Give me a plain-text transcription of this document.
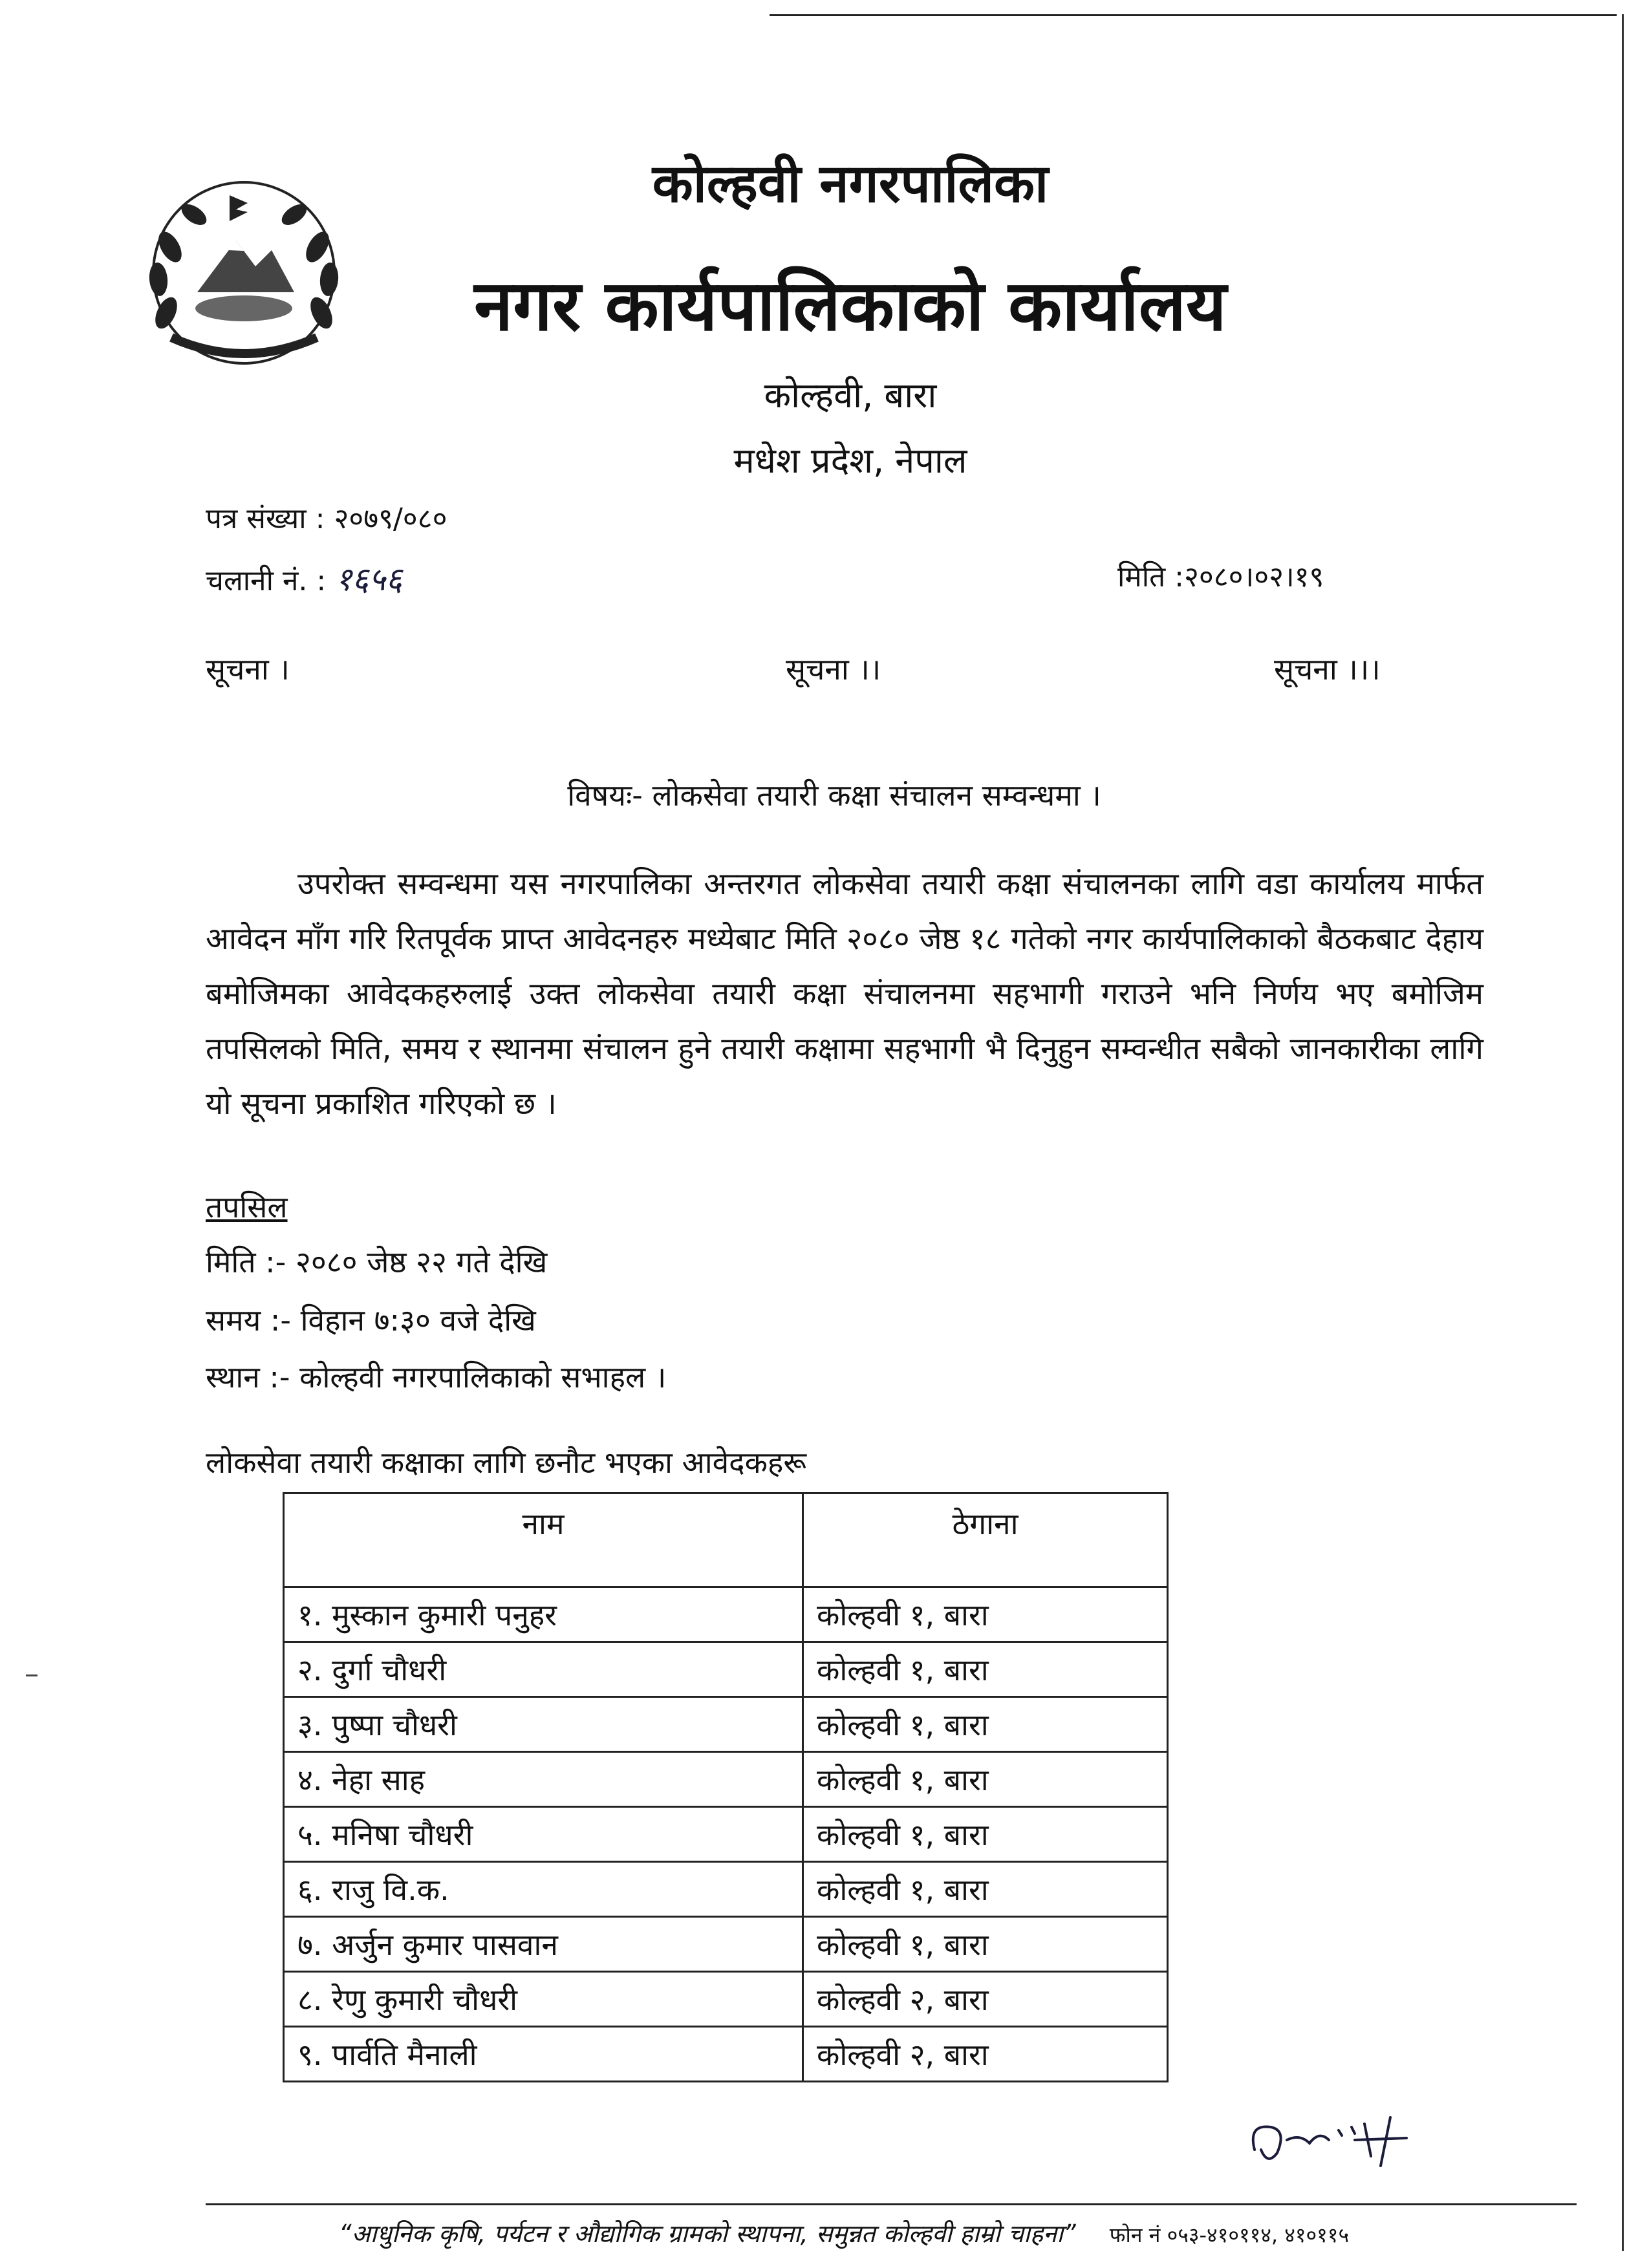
कोल्हवी नगरपालिका
नगर कार्यपालिकाको कार्यालय
कोल्हवी, बारा
मधेश प्रदेश, नेपाल
पत्र संख्या : २०७९/०८०
चलानी नं. : १६५६	मिति :२०८०।०२।१९
सूचना ।	सूचना ।।	सूचना ।।।
विषयः- लोकसेवा तयारी कक्षा संचालन सम्वन्धमा ।
उपरोक्त सम्वन्धमा यस नगरपालिका अन्तरगत लोकसेवा तयारी कक्षा संचालनका लागि वडा कार्यालय मार्फत आवेदन माँग गरि रितपूर्वक प्राप्त आवेदनहरु मध्येबाट मिति २०८० जेष्ठ १८ गतेको नगर कार्यपालिकाको बैठकबाट देहाय बमोजिमका आवेदकहरुलाई उक्त लोकसेवा तयारी कक्षा संचालनमा सहभागी गराउने भनि निर्णय भए बमोजिम तपसिलको मिति, समय र स्थानमा संचालन हुने तयारी कक्षामा सहभागी भै दिनुहुन सम्वन्धीत सबैको जानकारीका लागि यो सूचना प्रकाशित गरिएको छ ।
तपसिल
मिति :- २०८० जेष्ठ २२ गते देखि
समय :- विहान ७:३० वजे देखि
स्थान :- कोल्हवी नगरपालिकाको सभाहल ।
लोकसेवा तयारी कक्षाका लागि छनौट भएका आवेदकहरू
नाम	ठेगाना
१. मुस्कान कुमारी पनुहर	कोल्हवी १, बारा
२. दुर्गा चौधरी	कोल्हवी १, बारा
३. पुष्पा चौधरी	कोल्हवी १, बारा
४. नेहा साह	कोल्हवी १, बारा
५. मनिषा चौधरी	कोल्हवी १, बारा
६. राजु वि.क.	कोल्हवी १, बारा
७. अर्जुन कुमार पासवान	कोल्हवी १, बारा
८. रेणु कुमारी चौधरी	कोल्हवी २, बारा
९. पार्वति मैनाली	कोल्हवी २, बारा
“आधुनिक कृषि, पर्यटन र औद्योगिक ग्रामको स्थापना, समुन्नत कोल्हवी हाम्रो चाहना” फोन नं ०५३-४१०११४, ४१०११५
